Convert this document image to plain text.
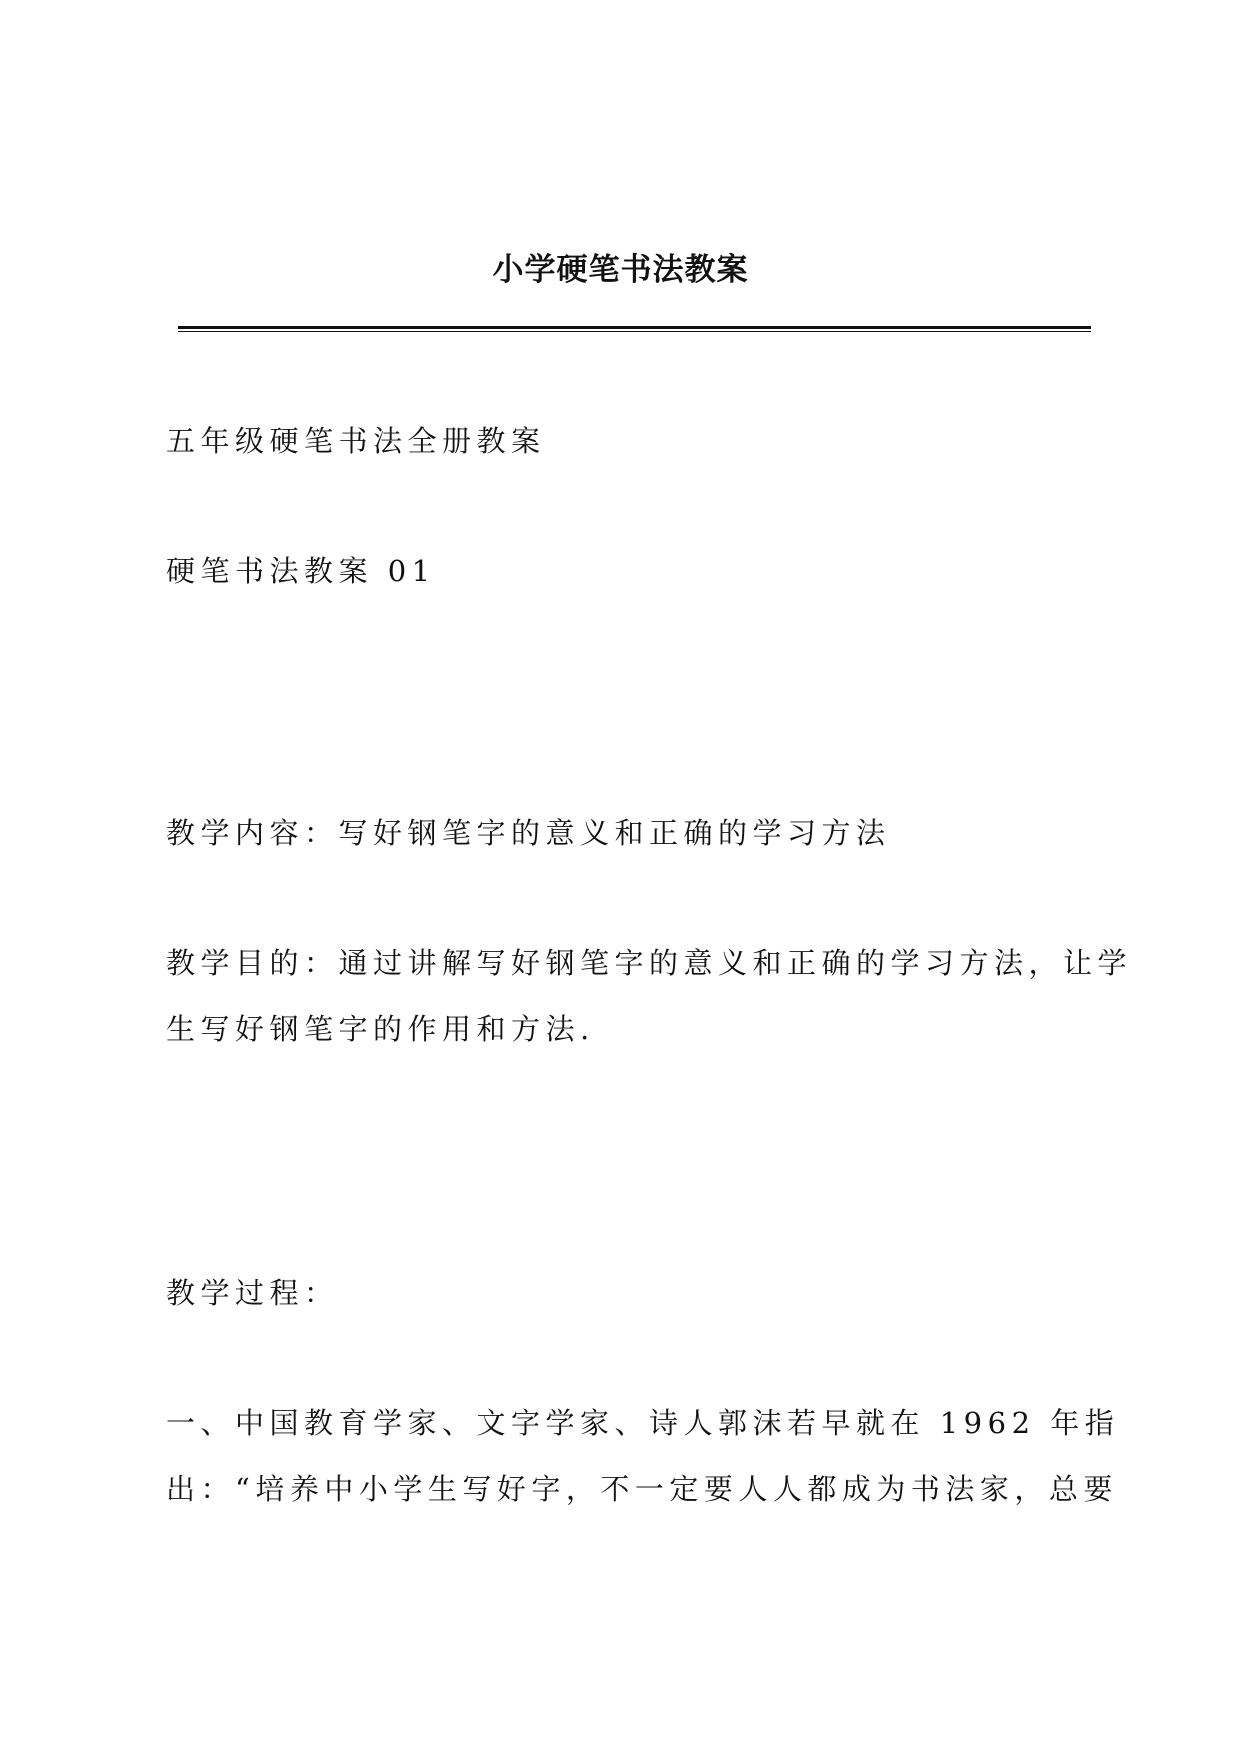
小学硬笔书法教案

五年级硬笔书法全册教案

硬笔书法教案 01

教学内容：写好钢笔字的意义和正确的学习方法

教学目的：通过讲解写好钢笔字的意义和正确的学习方法，让学
生写好钢笔字的作用和方法.

教学过程：

一、中国教育学家、文字学家、诗人郭沫若早就在 1962 年指
出：“培养中小学生写好字，不一定要人人都成为书法家，总要
